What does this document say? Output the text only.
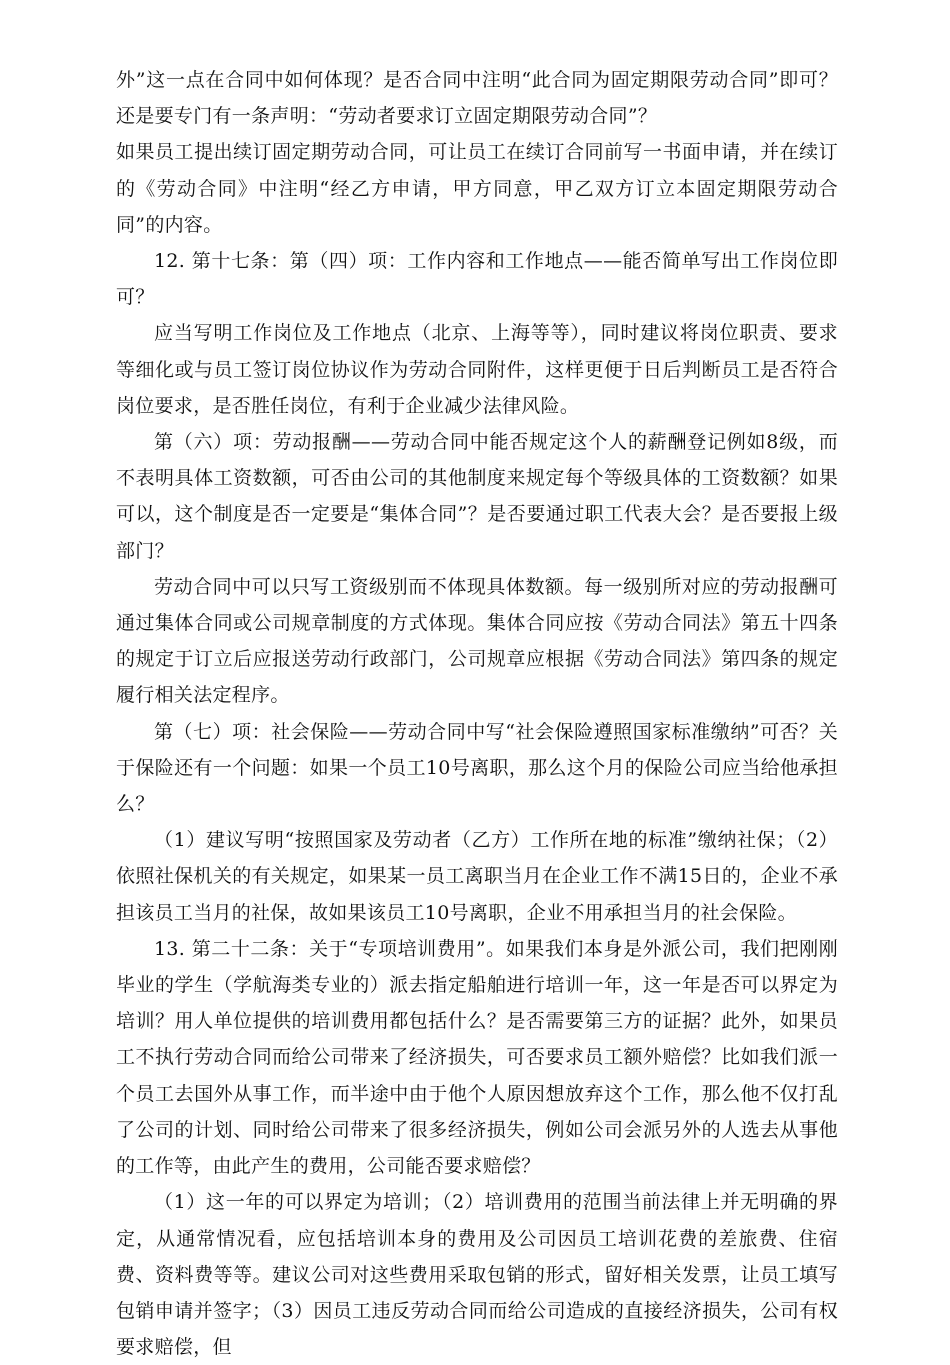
外”这一点在合同中如何体现？是否合同中注明“此合同为固定期限劳动合同”即可？还是要专门有一条声明：“劳动者要求订立固定期限劳动合同”？

如果员工提出续订固定期劳动合同，可让员工在续订合同前写一书面申请，并在续订的《劳动合同》中注明“经乙方申请，甲方同意，甲乙双方订立本固定期限劳动合同”的内容。

12. 第十七条：第（四）项：工作内容和工作地点——能否简单写出工作岗位即可？

应当写明工作岗位及工作地点（北京、上海等等），同时建议将岗位职责、要求等细化或与员工签订岗位协议作为劳动合同附件，这样更便于日后判断员工是否符合岗位要求，是否胜任岗位，有利于企业减少法律风险。

第（六）项：劳动报酬——劳动合同中能否规定这个人的薪酬登记例如8级，而不表明具体工资数额，可否由公司的其他制度来规定每个等级具体的工资数额？如果可以，这个制度是否一定要是“集体合同”？是否要通过职工代表大会？是否要报上级部门？

劳动合同中可以只写工资级别而不体现具体数额。每一级别所对应的劳动报酬可通过集体合同或公司规章制度的方式体现。集体合同应按《劳动合同法》第五十四条的规定于订立后应报送劳动行政部门，公司规章应根据《劳动合同法》第四条的规定履行相关法定程序。

第（七）项：社会保险——劳动合同中写“社会保险遵照国家标准缴纳”可否？关于保险还有一个问题：如果一个员工10号离职，那么这个月的保险公司应当给他承担么？

（1）建议写明“按照国家及劳动者（乙方）工作所在地的标准”缴纳社保；（2）依照社保机关的有关规定，如果某一员工离职当月在企业工作不满15日的，企业不承担该员工当月的社保，故如果该员工10号离职，企业不用承担当月的社会保险。

13. 第二十二条：关于“专项培训费用”。如果我们本身是外派公司，我们把刚刚毕业的学生（学航海类专业的）派去指定船舶进行培训一年，这一年是否可以界定为培训？用人单位提供的培训费用都包括什么？是否需要第三方的证据？此外，如果员工不执行劳动合同而给公司带来了经济损失，可否要求员工额外赔偿？比如我们派一个员工去国外从事工作，而半途中由于他个人原因想放弃这个工作，那么他不仅打乱了公司的计划、同时给公司带来了很多经济损失，例如公司会派另外的人选去从事他的工作等，由此产生的费用，公司能否要求赔偿？

（1）这一年的可以界定为培训；（2）培训费用的范围当前法律上并无明确的界定，从通常情况看，应包括培训本身的费用及公司因员工培训花费的差旅费、住宿费、资料费等等。建议公司对这些费用采取包销的形式，留好相关发票，让员工填写包销申请并签字；（3）因员工违反劳动合同而给公司造成的直接经济损失，公司有权要求赔偿，但
